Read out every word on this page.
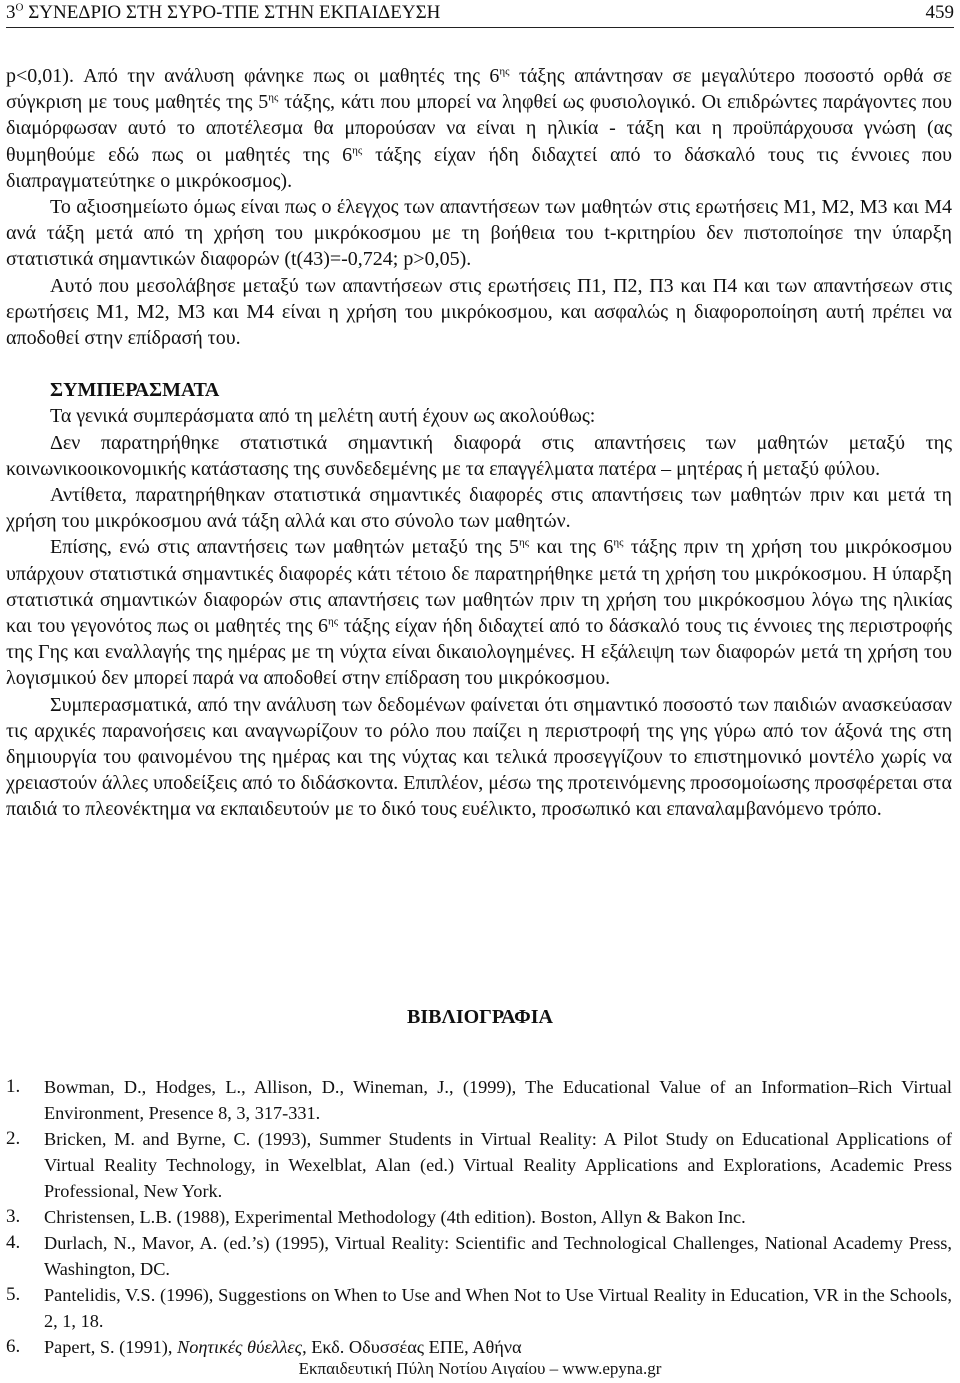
$3^O$ ΣΥΝΕΔΡΙΟ ΣΤΗ ΣΥΡΟ-ΤΠΕ ΣΤΗΝ ΕΚΠΑΙΔΕΥΣΗ	459

p<0,01). Από την ανάλυση φάνηκε πως οι μαθητές της $6^{\eta\varsigma}$ τάξης απάντησαν σε μεγαλύτερο ποσοστό ορθά σε σύγκριση με τους μαθητές της $5^{\eta\varsigma}$ τάξης, κάτι που μπορεί να ληφθεί ως φυσιολογικό. Οι επιδρώντες παράγοντες που διαμόρφωσαν αυτό το αποτέλεσμα θα μπορούσαν να είναι η ηλικία - τάξη και η προϋπάρχουσα γνώση (ας θυμηθούμε εδώ πως οι μαθητές της $6^{\eta\varsigma}$ τάξης είχαν ήδη διδαχτεί από το δάσκαλό τους τις έννοιες που διαπραγματεύτηκε ο μικρόκοσμος).

Το αξιοσημείωτο όμως είναι πως ο έλεγχος των απαντήσεων των μαθητών στις ερωτήσεις Μ1, Μ2, Μ3 και Μ4 ανά τάξη μετά από τη χρήση του μικρόκοσμου με τη βοήθεια του t-κριτηρίου δεν πιστοποίησε την ύπαρξη στατιστικά σημαντικών διαφορών (t(43)=-0,724; p>0,05).

Αυτό που μεσολάβησε μεταξύ των απαντήσεων στις ερωτήσεις Π1, Π2, Π3 και Π4 και των απαντήσεων στις ερωτήσεις Μ1, Μ2, Μ3 και Μ4 είναι η χρήση του μικρόκοσμου, και ασφαλώς η διαφοροποίηση αυτή πρέπει να αποδοθεί στην επίδρασή του.

ΣΥΜΠΕΡΑΣΜΑΤΑ

Τα γενικά συμπεράσματα από τη μελέτη αυτή έχουν ως ακολούθως:

Δεν παρατηρήθηκε στατιστικά σημαντική διαφορά στις απαντήσεις των μαθητών μεταξύ της κοινωνικοοικονομικής κατάστασης της συνδεδεμένης με τα επαγγέλματα πατέρα – μητέρας ή μεταξύ φύλου.

Αντίθετα, παρατηρήθηκαν στατιστικά σημαντικές διαφορές στις απαντήσεις των μαθητών πριν και μετά τη χρήση του μικρόκοσμου ανά τάξη αλλά και στο σύνολο των μαθητών.

Επίσης, ενώ στις απαντήσεις των μαθητών μεταξύ της $5^{\eta\varsigma}$ και της $6^{\eta\varsigma}$ τάξης πριν τη χρήση του μικρόκοσμου υπάρχουν στατιστικά σημαντικές διαφορές κάτι τέτοιο δε παρατηρήθηκε μετά τη χρήση του μικρόκοσμου. Η ύπαρξη στατιστικά σημαντικών διαφορών στις απαντήσεις των μαθητών πριν τη χρήση του μικρόκοσμου λόγω της ηλικίας και του γεγονότος πως οι μαθητές της $6^{\eta\varsigma}$ τάξης είχαν ήδη διδαχτεί από το δάσκαλό τους τις έννοιες της περιστροφής της Γης και εναλλαγής της ημέρας με τη νύχτα είναι δικαιολογημένες. Η εξάλειψη των διαφορών μετά τη χρήση του λογισμικού δεν μπορεί παρά να αποδοθεί στην επίδραση του μικρόκοσμου.

Συμπερασματικά, από την ανάλυση των δεδομένων φαίνεται ότι σημαντικό ποσοστό των παιδιών ανασκεύασαν τις αρχικές παρανοήσεις και αναγνωρίζουν το ρόλο που παίζει η περιστροφή της γης γύρω από τον άξονά της στη δημιουργία του φαινομένου της ημέρας και της νύχτας και τελικά προσεγγίζουν το επιστημονικό μοντέλο χωρίς να χρειαστούν άλλες υποδείξεις από το διδάσκοντα. Επιπλέον, μέσω της προτεινόμενης προσομοίωσης προσφέρεται στα παιδιά το πλεονέκτημα να εκπαιδευτούν με το δικό τους ευέλικτο, προσωπικό και επαναλαμβανόμενο τρόπο.

ΒΙΒΛΙΟΓΡΑΦΙΑ
1. Bowman, D., Hodges, L., Allison, D., Wineman, J., (1999), The Educational Value of an Information–Rich Virtual Environment, Presence 8, 3, 317-331.
2. Bricken, M. and Byrne, C. (1993), Summer Students in Virtual Reality: A Pilot Study on Educational Applications of Virtual Reality Technology, in Wexelblat, Alan (ed.) Virtual Reality Applications and Explorations, Academic Press Professional, New York.
3. Christensen, L.B. (1988), Experimental Methodology (4th edition). Boston, Allyn & Bakon Inc.
4. Durlach, N., Mavor, A. (ed.’s) (1995), Virtual Reality: Scientific and Technological Challenges, National Academy Press, Washington, DC.
5. Pantelidis, V.S. (1996), Suggestions on When to Use and When Not to Use Virtual Reality in Education, VR in the Schools, 2, 1, 18.
6. Papert, S. (1991), Νοητικές θύελλες, Εκδ. Οδυσσέας ΕΠΕ, Αθήνα
Εκπαιδευτική Πύλη Νοτίου Αιγαίου – www.epyna.gr
